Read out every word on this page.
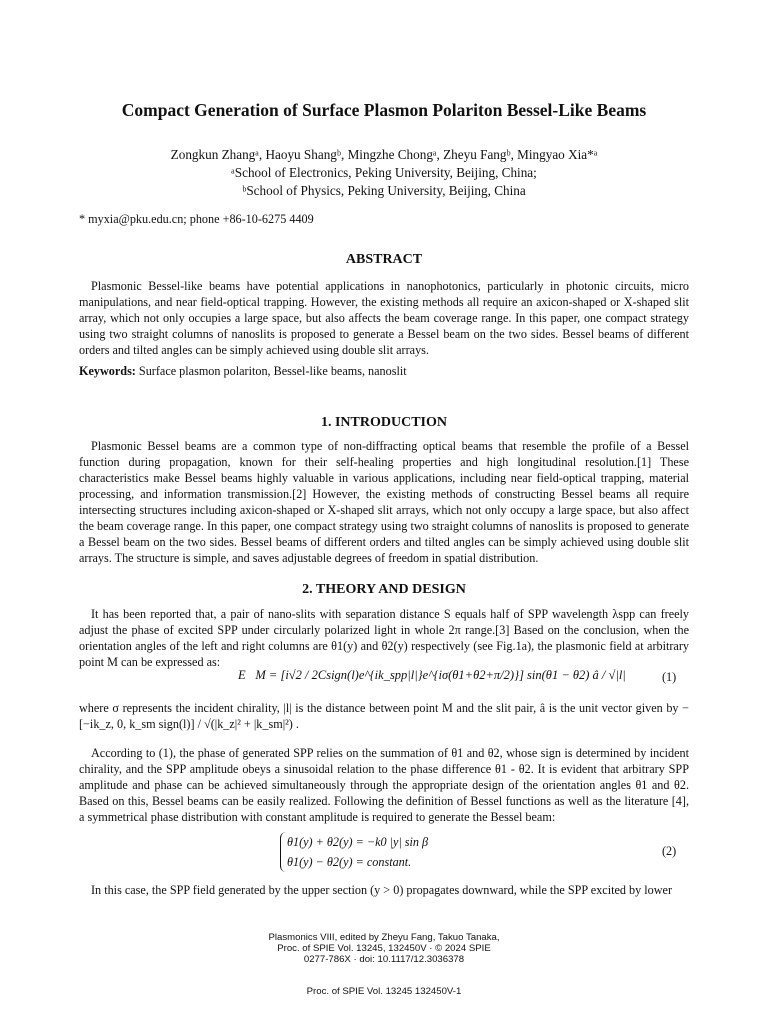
Compact Generation of Surface Plasmon Polariton Bessel-Like Beams
Zongkun Zhangᵃ, Haoyu Shangᵇ, Mingzhe Chongᵃ, Zheyu Fangᵇ, Mingyao Xia*ᵃ
ᵃSchool of Electronics, Peking University, Beijing, China;
ᵇSchool of Physics, Peking University, Beijing, China
* myxia@pku.edu.cn; phone +86-10-6275 4409
ABSTRACT

Plasmonic Bessel-like beams have potential applications in nanophotonics, particularly in photonic circuits, micro manipulations, and near field-optical trapping. However, the existing methods all require an axicon-shaped or X-shaped slit array, which not only occupies a large space, but also affects the beam coverage range. In this paper, one compact strategy using two straight columns of nanoslits is proposed to generate a Bessel beam on the two sides. Bessel beams of different orders and tilted angles can be simply achieved using double slit arrays.

Keywords: Surface plasmon polariton, Bessel-like beams, nanoslit

1. INTRODUCTION

Plasmonic Bessel beams are a common type of non-diffracting optical beams that resemble the profile of a Bessel function during propagation, known for their self-healing properties and high longitudinal resolution.[1] These characteristics make Bessel beams highly valuable in various applications, including near field-optical trapping, material processing, and information transmission.[2] However, the existing methods of constructing Bessel beams all require intersecting structures including axicon-shaped or X-shaped slit arrays, which not only occupy a large space, but also affect the beam coverage range. In this paper, one compact strategy using two straight columns of nanoslits is proposed to generate a Bessel beam on the two sides. Bessel beams of different orders and tilted angles can be simply achieved using double slit arrays. The structure is simple, and saves adjustable degrees of freedom in spatial distribution.

2. THEORY AND DESIGN

It has been reported that, a pair of nano-slits with separation distance S equals half of SPP wavelength λspp can freely adjust the phase of excited SPP under circularly polarized light in whole 2π range.[3] Based on the conclusion, when the orientation angles of the left and right columns are θ1(y) and θ2(y) respectively (see Fig.1a), the plasmonic field at arbitrary point M can be expressed as:

E⃗M = [i√2 / 2Csign(l)e^{ik_spp|l|}e^{iσ(θ1+θ2+π/2)}] sin(θ1 − θ2) â / √|l|	(1)

where σ represents the incident chirality, |l| is the distance between point M and the slit pair, â is the unit vector given by −[−ik_z, 0, k_sm sign(l)] / √(|k_z|² + |k_sm|²) .

According to (1), the phase of generated SPP relies on the summation of θ1 and θ2, whose sign is determined by incident chirality, and the SPP amplitude obeys a sinusoidal relation to the phase difference θ1 - θ2. It is evident that arbitrary SPP amplitude and phase can be achieved simultaneously through the appropriate design of the orientation angles θ1 and θ2. Based on this, Bessel beams can be easily realized. Following the definition of Bessel functions as well as the literature [4], a symmetrical phase distribution with constant amplitude is required to generate the Bessel beam:

θ1(y) + θ2(y) = −k0 |y| sin β
θ1(y) − θ2(y) = constant.
(2)

In this case, the SPP field generated by the upper section (y > 0) propagates downward, while the SPP excited by lower

Plasmonics VIII, edited by Zheyu Fang, Takuo Tanaka,
Proc. of SPIE Vol. 13245, 132450V · © 2024 SPIE
0277-786X · doi: 10.1117/12.3036378
Proc. of SPIE Vol. 13245 132450V-1
